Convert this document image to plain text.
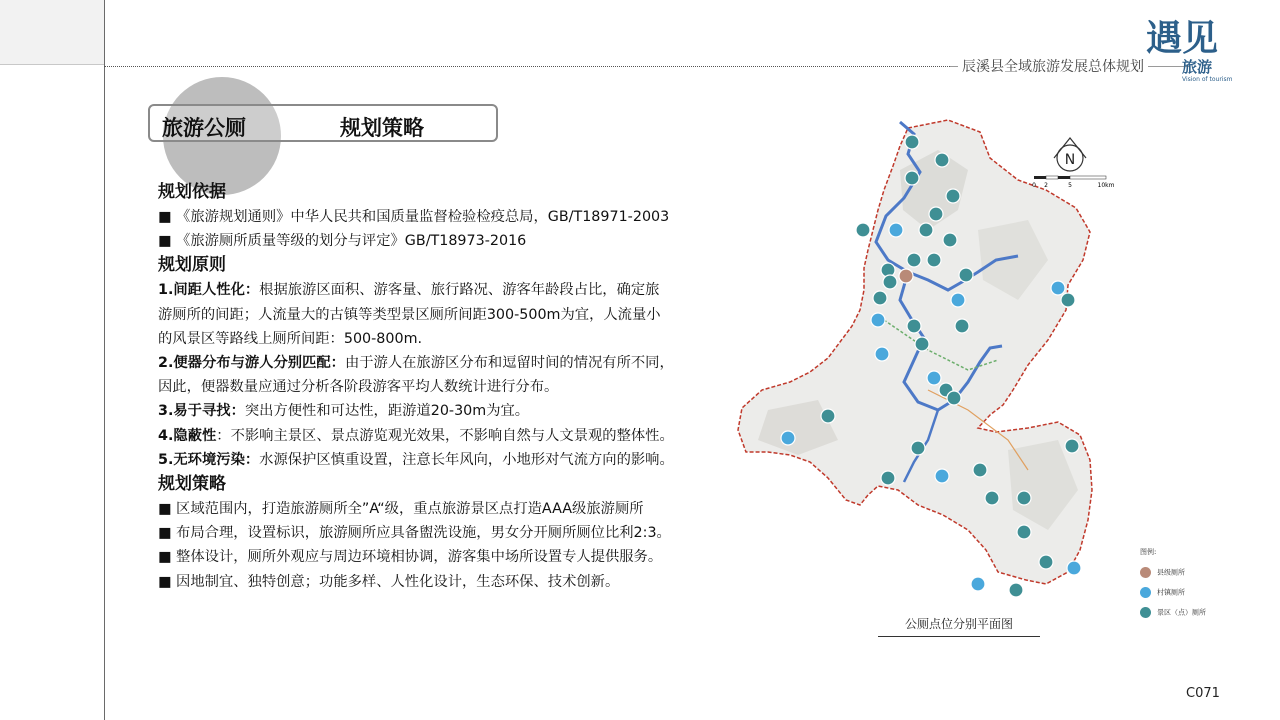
辰溪县全域旅游发展总体规划
遇见
旅游
Vision of tourism
旅游公厕	规划策略
规划依据
■ 《旅游规划通则》中华人民共和国质量监督检验检疫总局，GB/T18971-2003
■ 《旅游厕所质量等级的划分与评定》GB/T18973-2016
规划原则
1.间距人性化：根据旅游区面积、游客量、旅行路况、游客年龄段占比，确定旅
游厕所的间距；人流量大的古镇等类型景区厕所间距300-500m为宜，人流量小
的风景区等路线上厕所间距：500-800m.
2.便器分布与游人分别匹配：由于游人在旅游区分布和逗留时间的情况有所不同，
因此，便器数量应通过分析各阶段游客平均人数统计进行分布。
3.易于寻找：突出方便性和可达性，距游道20-30m为宜。
4.隐蔽性：不影响主景区、景点游览观光效果，不影响自然与人文景观的整体性。
5.无环境污染：水源保护区慎重设置，注意长年风向，小地形对气流方向的影响。
规划策略
■ 区域范围内，打造旅游厕所全”A“级，重点旅游景区点打造AAA级旅游厕所
■ 布局合理，设置标识，旅游厕所应具备盥洗设施，男女分开厕所厕位比利2:3。
■ 整体设计，厕所外观应与周边环境相协调，游客集中场所设置专人提供服务。
■ 因地制宜、独特创意；功能多样、人性化设计，生态环保、技术创新。
N
0 2	5	10km
图例:
县级厕所
村镇厕所
景区（点）厕所
公厕点位分别平面图
C071
